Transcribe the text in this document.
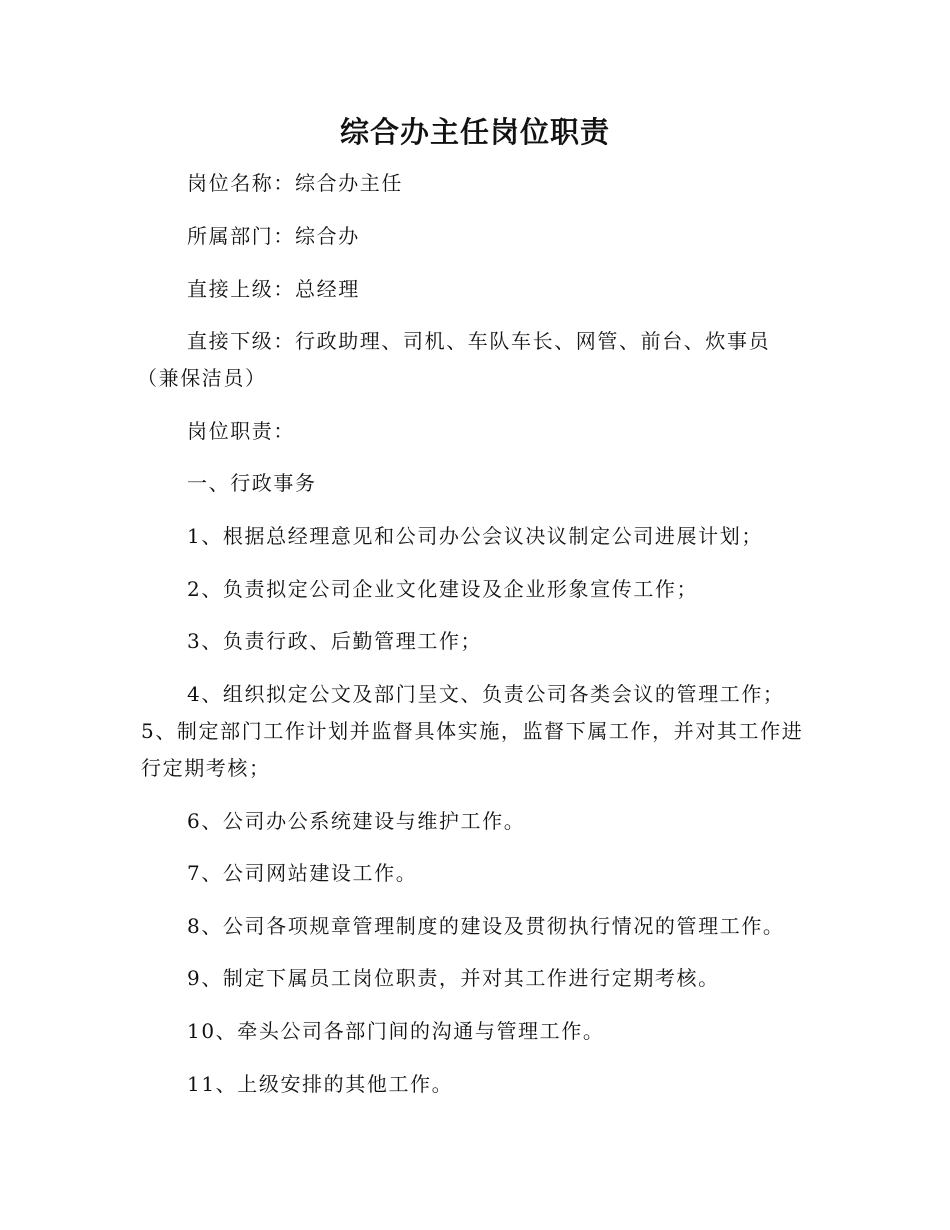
综合办主任岗位职责
岗位名称：综合办主任
所属部门：综合办
直接上级：总经理
直接下级：行政助理、司机、车队车长、网管、前台、炊事员
（兼保洁员）
岗位职责：
一、行政事务
1、根据总经理意见和公司办公会议决议制定公司进展计划；
2、负责拟定公司企业文化建设及企业形象宣传工作；
3、负责行政、后勤管理工作；
4、组织拟定公文及部门呈文、负责公司各类会议的管理工作；
5、制定部门工作计划并监督具体实施，监督下属工作，并对其工作进
行定期考核；
6、公司办公系统建设与维护工作。
7、公司网站建设工作。
8、公司各项规章管理制度的建设及贯彻执行情况的管理工作。
9、制定下属员工岗位职责，并对其工作进行定期考核。
10、牵头公司各部门间的沟通与管理工作。
11、上级安排的其他工作。
